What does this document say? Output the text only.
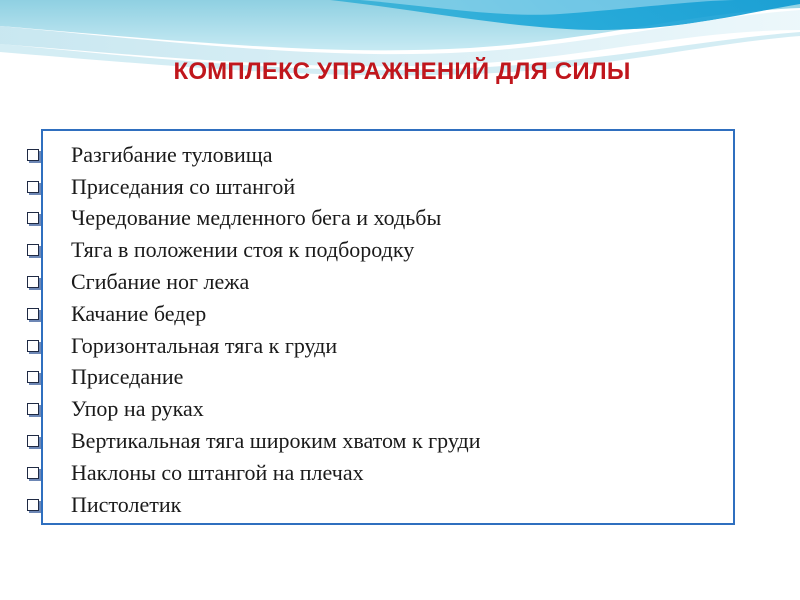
КОМПЛЕКС УПРАЖНЕНИЙ ДЛЯ СИЛЫ
Разгибание туловища
Приседания со штангой
Чередование медленного бега и ходьбы
Тяга в положении стоя к подбородку
Сгибание ног лежа
Качание бедер
Горизонтальная тяга к груди
Приседание
Упор на руках
Вертикальная тяга широким хватом к груди
Наклоны со штангой на плечах
Пистолетик
